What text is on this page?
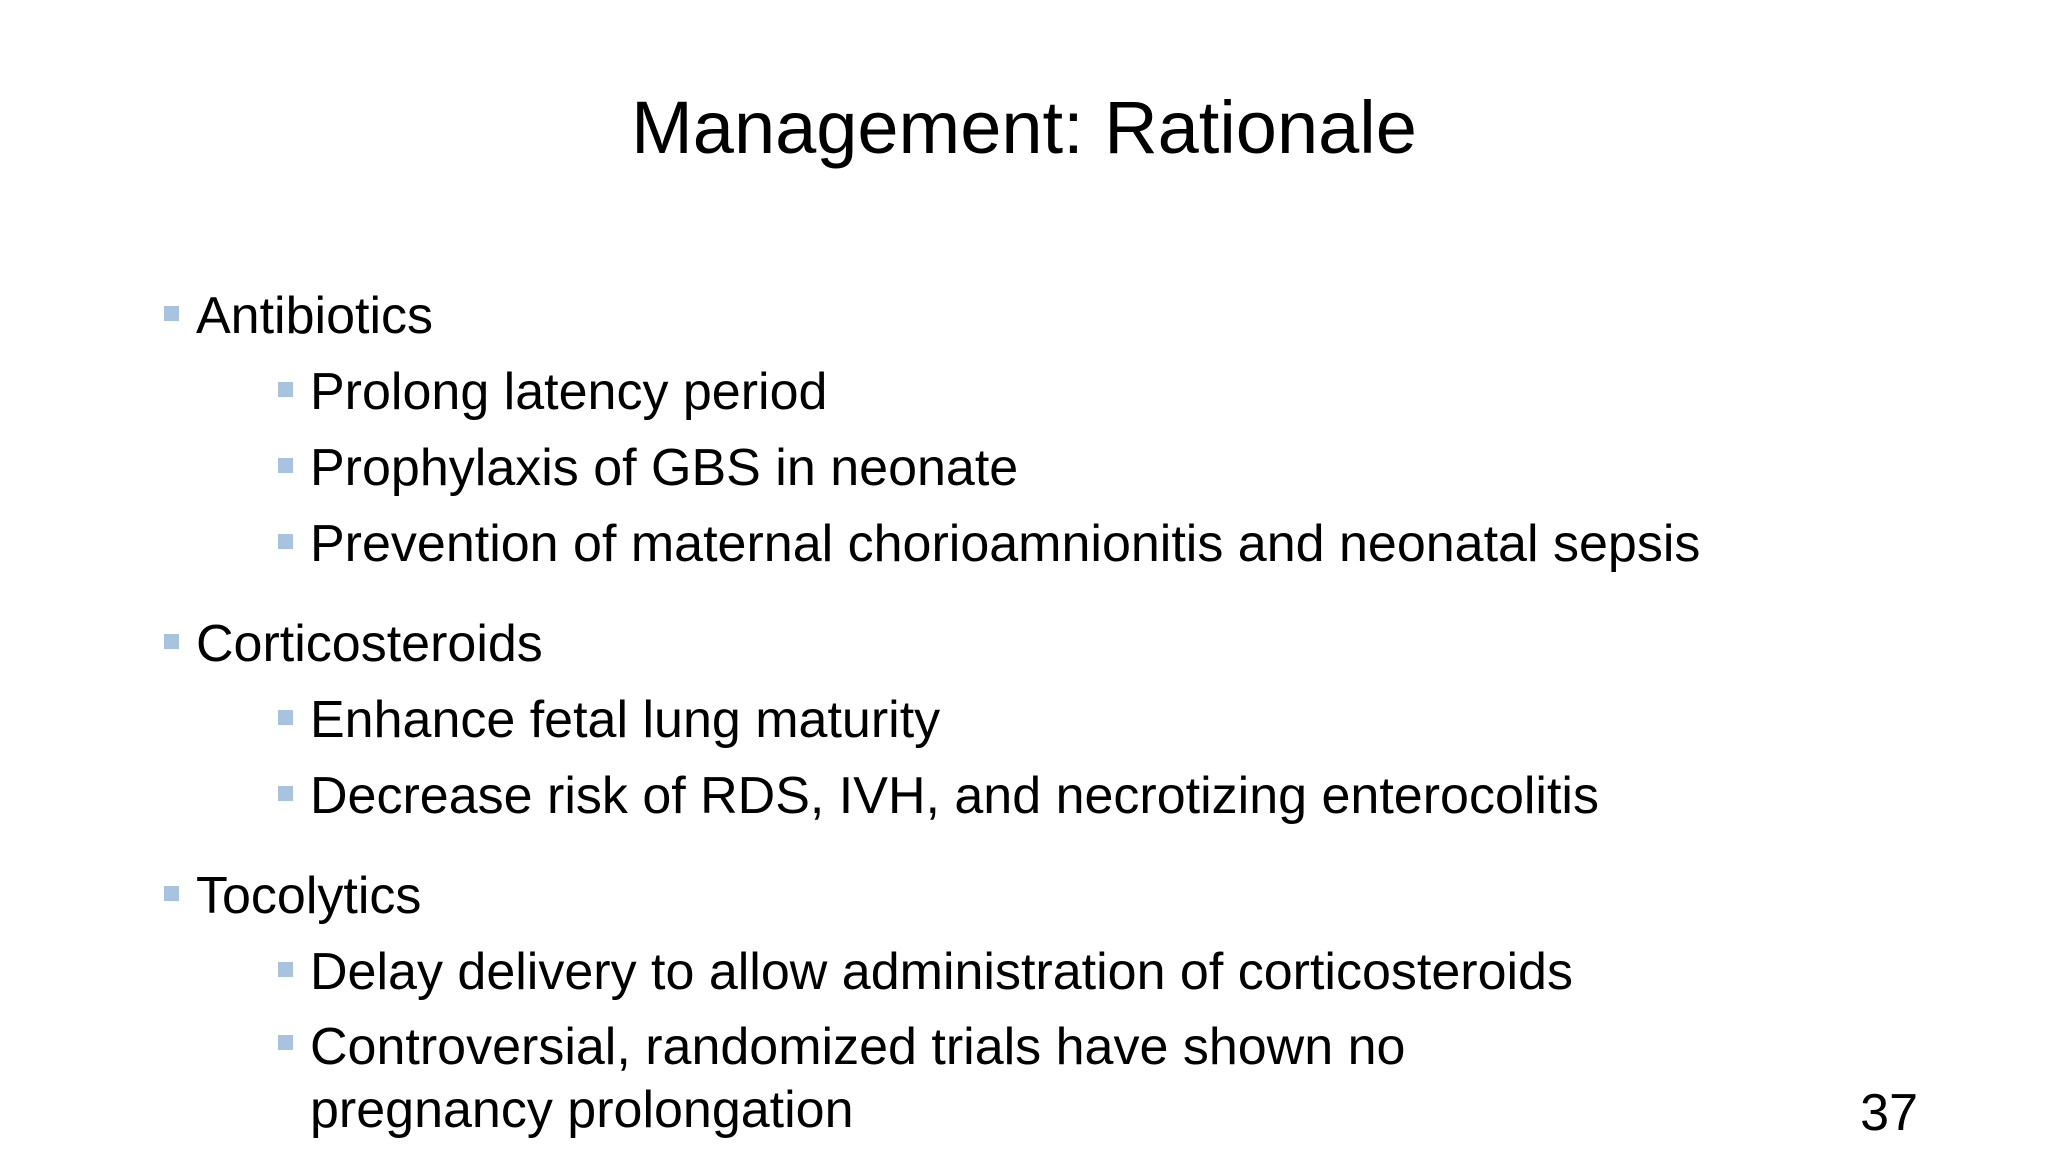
Management: Rationale
Antibiotics
Prolong latency period
Prophylaxis of GBS in neonate
Prevention of maternal chorioamnionitis and neonatal sepsis
Corticosteroids
Enhance fetal lung maturity
Decrease risk of RDS, IVH, and necrotizing enterocolitis
Tocolytics
Delay delivery to allow administration of corticosteroids
Controversial, randomized trials have shown no pregnancy prolongation	37
